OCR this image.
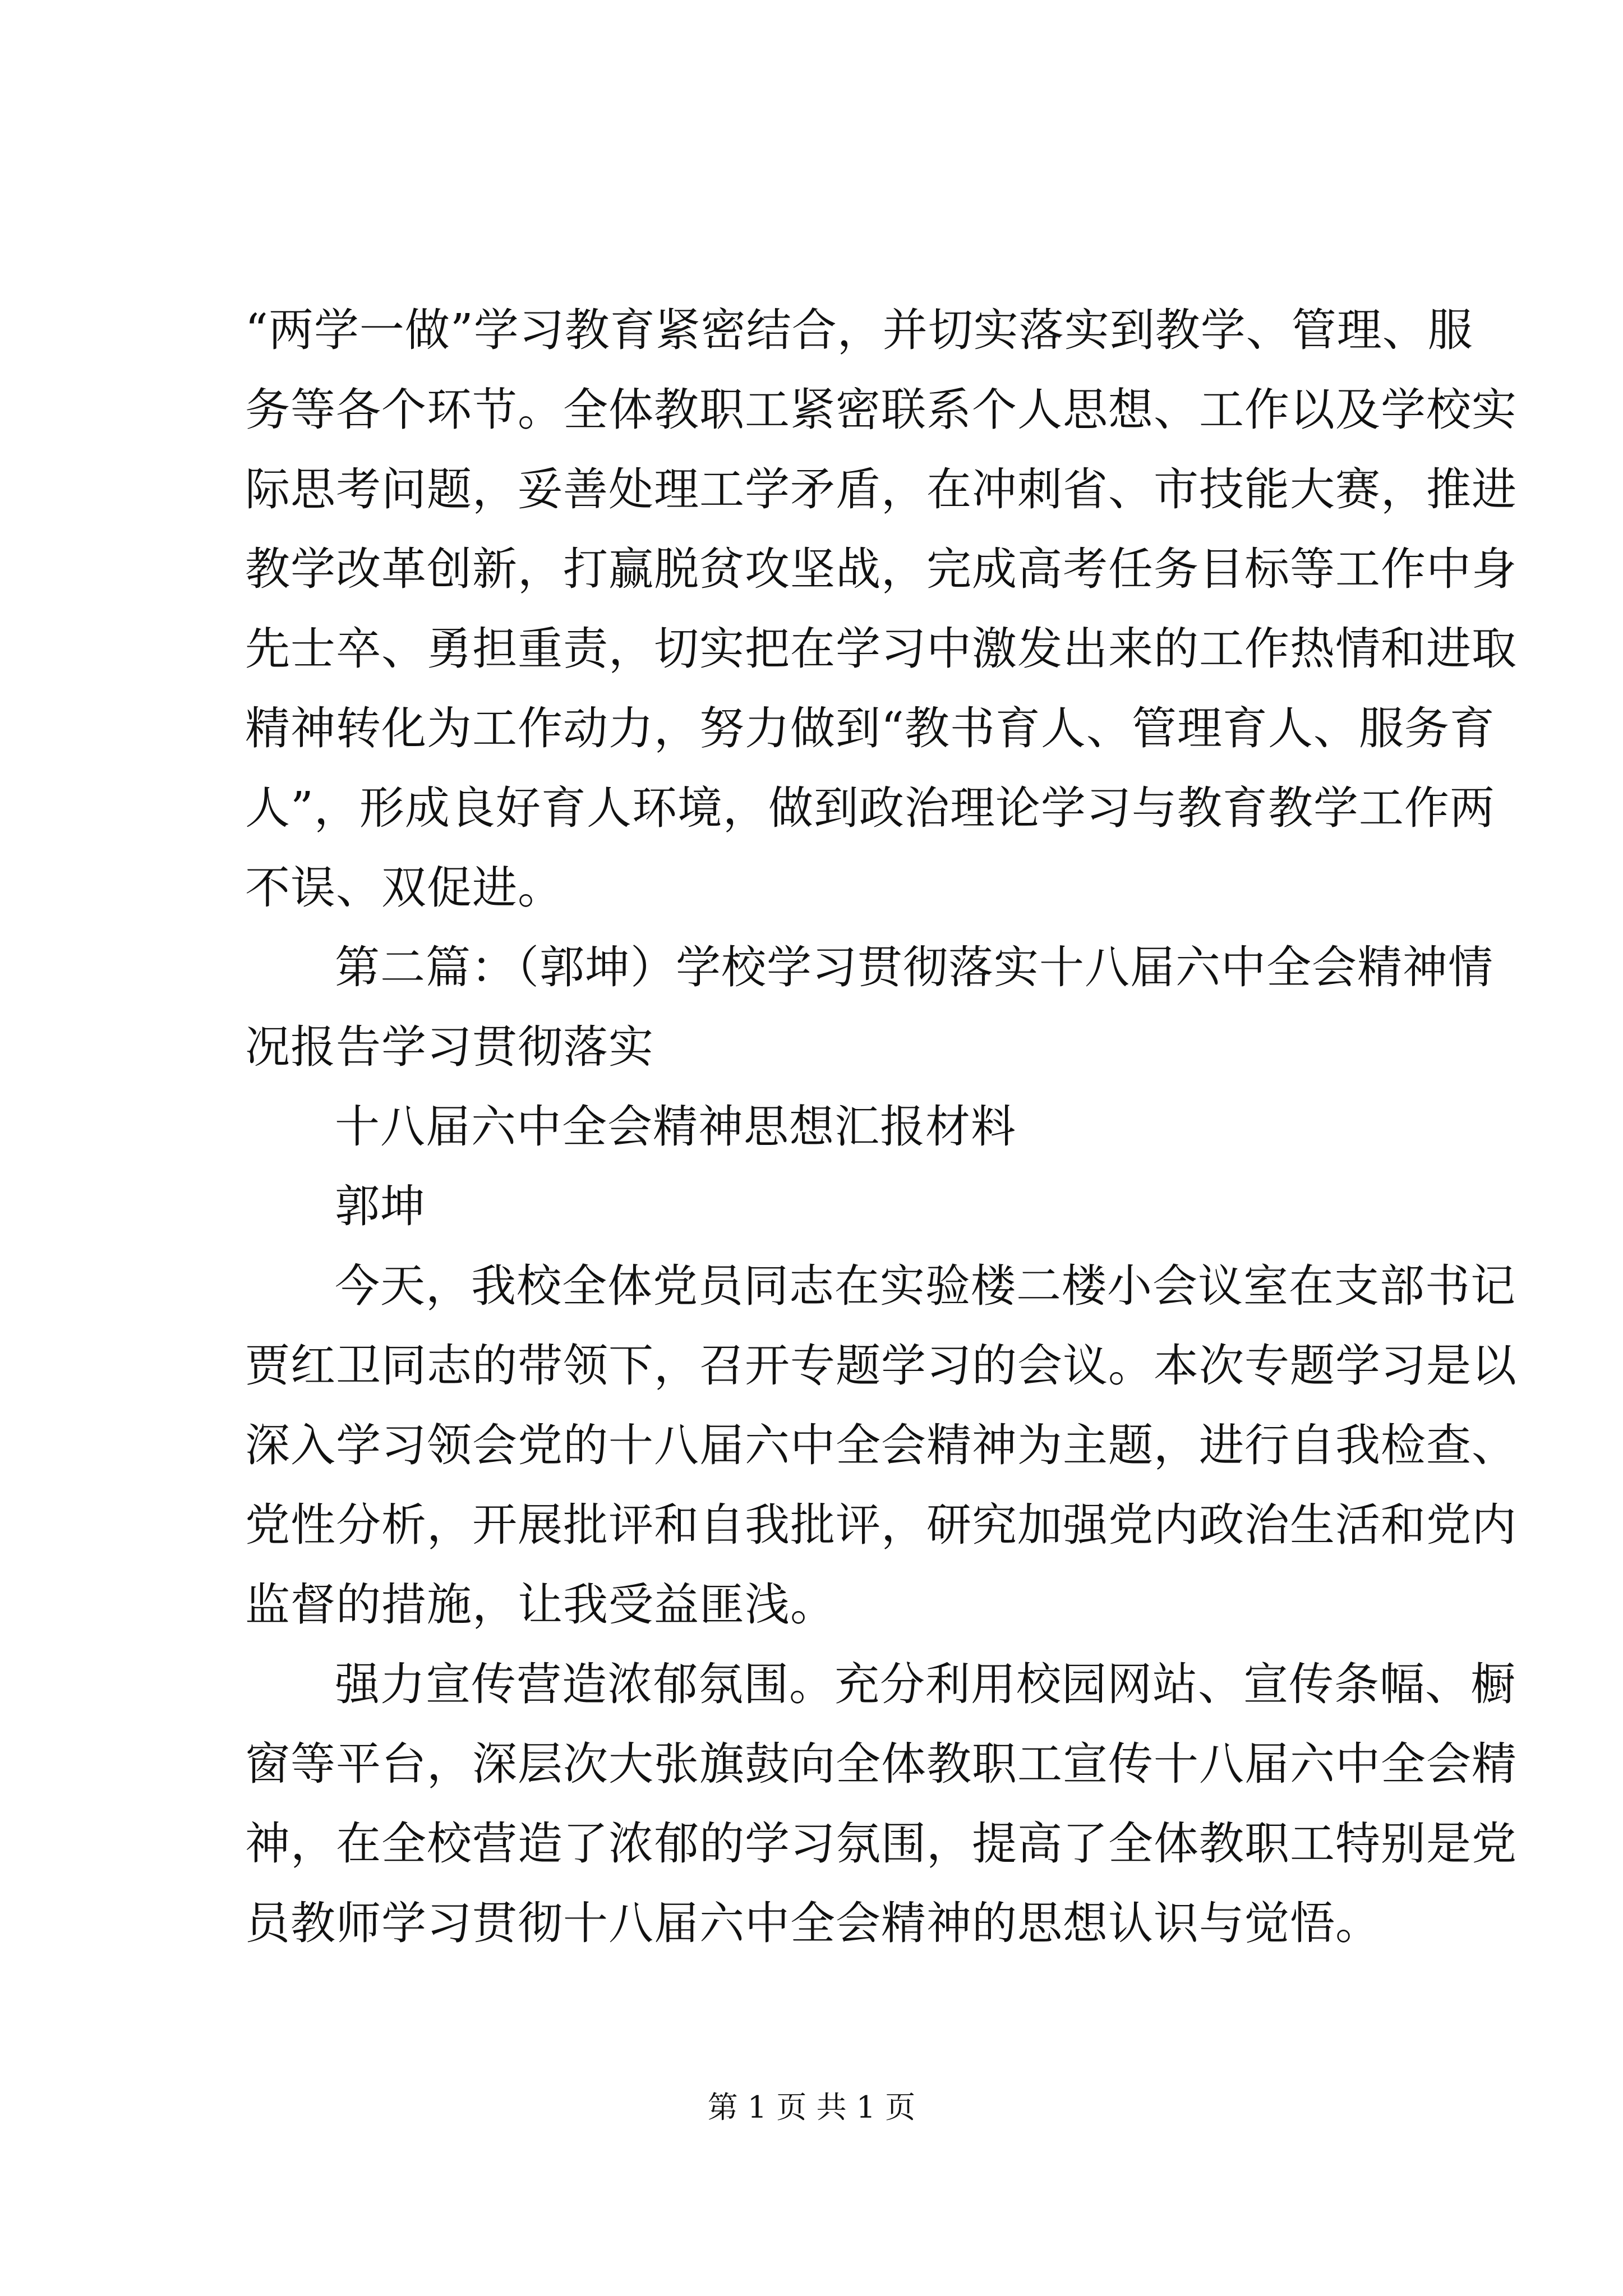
“两学一做”学习教育紧密结合，并切实落实到教学、管理、服
务等各个环节。全体教职工紧密联系个人思想、工作以及学校实
际思考问题，妥善处理工学矛盾，在冲刺省、市技能大赛，推进
教学改革创新，打赢脱贫攻坚战，完成高考任务目标等工作中身
先士卒、勇担重责，切实把在学习中激发出来的工作热情和进取
精神转化为工作动力，努力做到“教书育人、管理育人、服务育
人”，形成良好育人环境，做到政治理论学习与教育教学工作两
不误、双促进。
第二篇：（郭坤）学校学习贯彻落实十八届六中全会精神情
况报告学习贯彻落实
十八届六中全会精神思想汇报材料
郭坤
今天，我校全体党员同志在实验楼二楼小会议室在支部书记
贾红卫同志的带领下，召开专题学习的会议。本次专题学习是以
深入学习领会党的十八届六中全会精神为主题，进行自我检查、
党性分析，开展批评和自我批评，研究加强党内政治生活和党内
监督的措施，让我受益匪浅。
强力宣传营造浓郁氛围。充分利用校园网站、宣传条幅、橱
窗等平台，深层次大张旗鼓向全体教职工宣传十八届六中全会精
神，在全校营造了浓郁的学习氛围，提高了全体教职工特别是党
员教师学习贯彻十八届六中全会精神的思想认识与觉悟。
第 1 页 共 1 页
